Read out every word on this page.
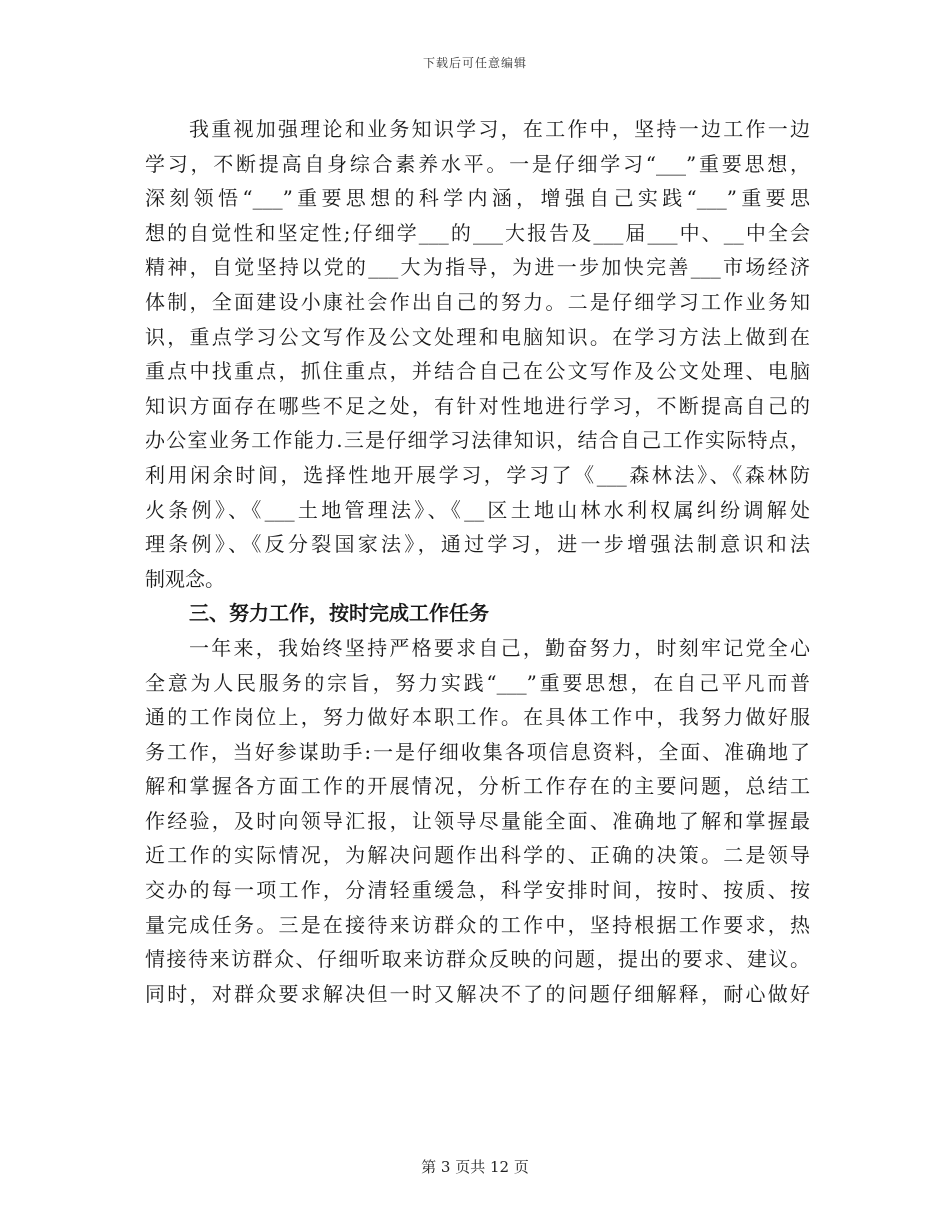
下载后可任意编辑
我重视加强理论和业务知识学习，在工作中，坚持一边工作一边
学习，不断提高自身综合素养水平。一是仔细学习“___”重要思想，
深刻领悟“___”重要思想的科学内涵，增强自己实践“___”重要思
想的自觉性和坚定性;仔细学___的___大报告及___届___中、__中全会
精神，自觉坚持以党的___大为指导，为进一步加快完善___市场经济
体制，全面建设小康社会作出自己的努力。二是仔细学习工作业务知
识，重点学习公文写作及公文处理和电脑知识。在学习方法上做到在
重点中找重点，抓住重点，并结合自己在公文写作及公文处理、电脑
知识方面存在哪些不足之处，有针对性地进行学习，不断提高自己的
办公室业务工作能力.三是仔细学习法律知识，结合自己工作实际特点，
利用闲余时间，选择性地开展学习，学习了《___森林法》、《森林防
火条例》、《___土地管理法》、《__区土地山林水利权属纠纷调解处
理条例》、《反分裂国家法》，通过学习，进一步增强法制意识和法
制观念。
三、努力工作，按时完成工作任务
一年来，我始终坚持严格要求自己，勤奋努力，时刻牢记党全心
全意为人民服务的宗旨，努力实践“___”重要思想，在自己平凡而普
通的工作岗位上，努力做好本职工作。在具体工作中，我努力做好服
务工作，当好参谋助手:一是仔细收集各项信息资料，全面、准确地了
解和掌握各方面工作的开展情况，分析工作存在的主要问题，总结工
作经验，及时向领导汇报，让领导尽量能全面、准确地了解和掌握最
近工作的实际情况，为解决问题作出科学的、正确的决策。二是领导
交办的每一项工作，分清轻重缓急，科学安排时间，按时、按质、按
量完成任务。三是在接待来访群众的工作中，坚持根据工作要求，热
情接待来访群众、仔细听取来访群众反映的问题，提出的要求、建议。
同时，对群众要求解决但一时又解决不了的问题仔细解释，耐心做好
第 3 页共 12 页
